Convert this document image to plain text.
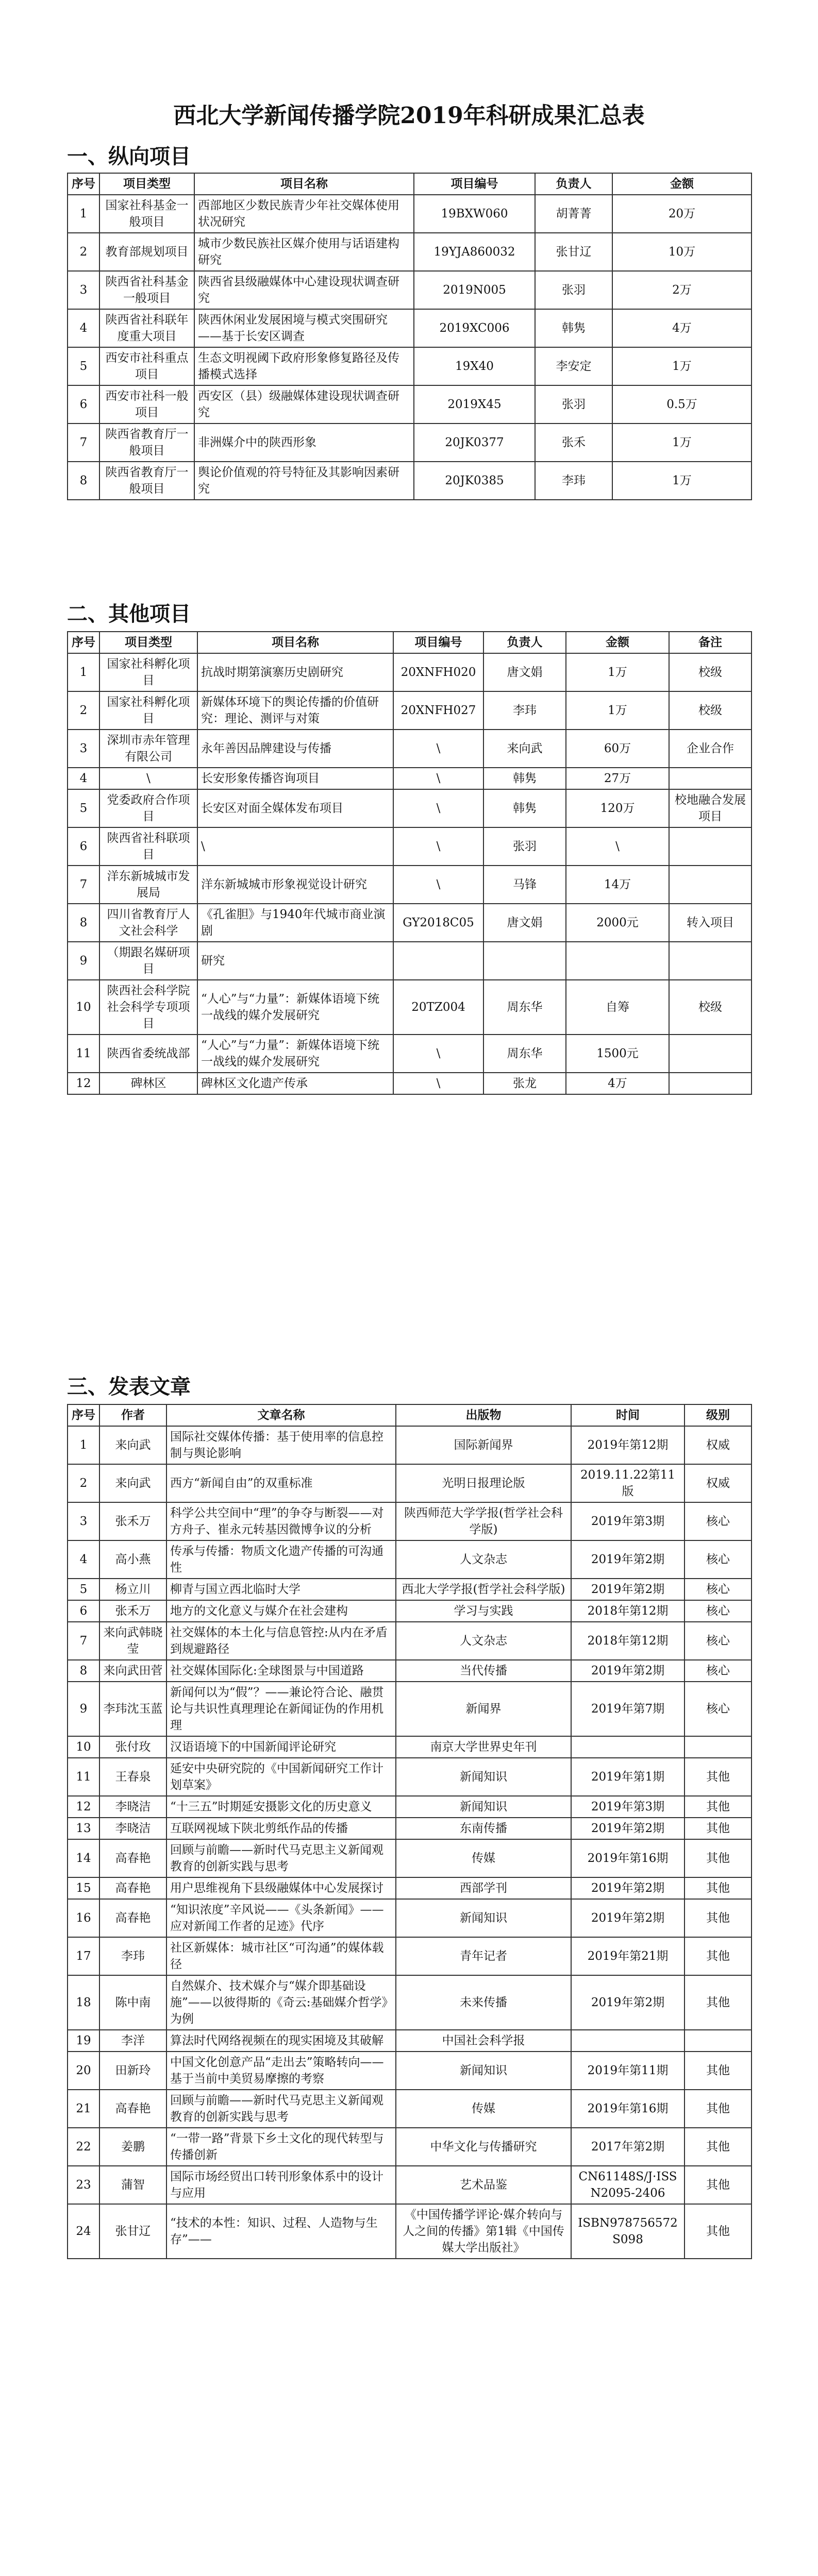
西北大学新闻传播学院2019年科研成果汇总表
一、纵向项目
序号	项目类型	项目名称	项目编号	负责人	金额
1	国家社科基金一般项目	西部地区少数民族青少年社交媒体使用状况研究	19BXW060	胡菁菁	20万
2	教育部规划项目	城市少数民族社区媒介使用与话语建构研究	19YJA860032	张甘辽	10万
3	陕西省社科基金一般项目	陕西省县级融媒体中心建设现状调查研究	2019N005	张羽	2万
4	陕西省社科联年度重大项目	陕西休闲业发展困境与模式突围研究——基于长安区调查	2019XC006	韩隽	4万
5	西安市社科重点项目	生态文明视阈下政府形象修复路径及传播模式选择	19X40	李安定	1万
6	西安市社科一般项目	西安区（县）级融媒体建设现状调查研究	2019X45	张羽	0.5万
7	陕西省教育厅一般项目	非洲媒介中的陕西形象	20JK0377	张禾	1万
8	陕西省教育厅一般项目	舆论价值观的符号特征及其影响因素研究	20JK0385	李玮	1万
二、其他项目
序号	项目类型	项目名称	项目编号	负责人	金额	备注
1	国家社科孵化项目	抗战时期第演寨历史剧研究	20XNFH020	唐文娟	1万	校级
2	国家社科孵化项目	新媒体环境下的舆论传播的价值研究：理论、测评与对策	20XNFH027	李玮	1万	校级
3	深圳市赤年管理有限公司	永年善因品牌建设与传播	\	来向武	60万	企业合作
4	\	长安形象传播咨询项目	\	韩隽	27万	
5	党委政府合作项目	长安区对面全媒体发布项目	\	韩隽	120万	校地融合发展项目
6	陕西省社科联项目	\	\	张羽	\	
7	洋东新城城市发展局	洋东新城城市形象视觉设计研究	\	马锋	14万	
8	四川省教育厅人文社会科学	《孔雀胆》与1940年代城市商业演剧	GY2018C05	唐文娟	2000元	转入项目
9	（期跟名媒研项目	研究				
10	陕西社会科学院社会科学专项项目	“人心”与“力量”：新媒体语境下统一战线的媒介发展研究	20TZ004	周东华	自筹	校级
11	陕西省委统战部	“人心”与“力量”：新媒体语境下统一战线的媒介发展研究	\	周东华	1500元	
12	碑林区	碑林区文化遗产传承	\	张龙	4万	
三、发表文章
序号	作者	文章名称	出版物	时间	级别
1	来向武	国际社交媒体传播：基于使用率的信息控制与舆论影响	国际新闻界	2019年第12期	权威
2	来向武	西方“新闻自由”的双重标准	光明日报理论版	2019.11.22第11版	权威
3	张禾万	科学公共空间中“理”的争夺与断裂——对方舟子、崔永元转基因微博争议的分析	陕西师范大学学报(哲学社会科学版)	2019年第3期	核心
4	高小燕	传承与传播：物质文化遗产传播的可沟通性	人文杂志	2019年第2期	核心
5	杨立川	柳青与国立西北临时大学	西北大学学报(哲学社会科学版)	2019年第2期	核心
6	张禾万	地方的文化意义与媒介在社会建构	学习与实践	2018年第12期	核心
7	来向武韩晓莹	社交媒体的本土化与信息管控:从内在矛盾到规避路径	人文杂志	2018年第12期	核心
8	来向武田菅	社交媒体国际化:全球图景与中国道路	当代传播	2019年第2期	核心
9	李玮沈玉蓝	新闻何以为“假”？——兼论符合论、融贯论与共识性真理理论在新闻证伪的作用机理	新闻界	2019年第7期	核心
10	张付玫	汉语语境下的中国新闻评论研究	南京大学世界史年刊		
11	王春泉	延安中央研究院的《中国新闻研究工作计划草案》	新闻知识	2019年第1期	其他
12	李晓洁	“十三五”时期延安摄影文化的历史意义	新闻知识	2019年第3期	其他
13	李晓洁	互联网视域下陕北剪纸作品的传播	东南传播	2019年第2期	其他
14	高春艳	回顾与前瞻——新时代马克思主义新闻观教育的创新实践与思考	传媒	2019年第16期	其他
15	高春艳	用户思维视角下县级融媒体中心发展探讨	西部学刊	2019年第2期	其他
16	高春艳	“知识浓度”辛风说——《头条新闻》——应对新闻工作者的足迹》代序	新闻知识	2019年第2期	其他
17	李玮	社区新媒体：城市社区“可沟通”的媒体载径	青年记者	2019年第21期	其他
18	陈中南	自然媒介、技术媒介与“媒介即基础设施”——以彼得斯的《奇云:基础媒介哲学》为例	未来传播	2019年第2期	其他
19	李洋	算法时代网络视频在的现实困境及其破解	中国社会科学报		
20	田新玲	中国文化创意产品“走出去”策略转向——基于当前中美贸易摩擦的考察	新闻知识	2019年第11期	其他
21	高春艳	回顾与前瞻——新时代马克思主义新闻观教育的创新实践与思考	传媒	2019年第16期	其他
22	姜鹏	“一带一路”背景下乡土文化的现代转型与传播创新	中华文化与传播研究	2017年第2期	其他
23	蒲智	国际市场经贸出口转刊形象体系中的设计与应用	艺术品鉴	CN61148S/J·ISSN2095-2406	其他
24	张甘辽	“技术的本性：知识、过程、人造物与生存”——	《中国传播学评论·媒介转向与人之间的传播》第1辑《中国传媒大学出版社》	ISBN978756572S098	其他
